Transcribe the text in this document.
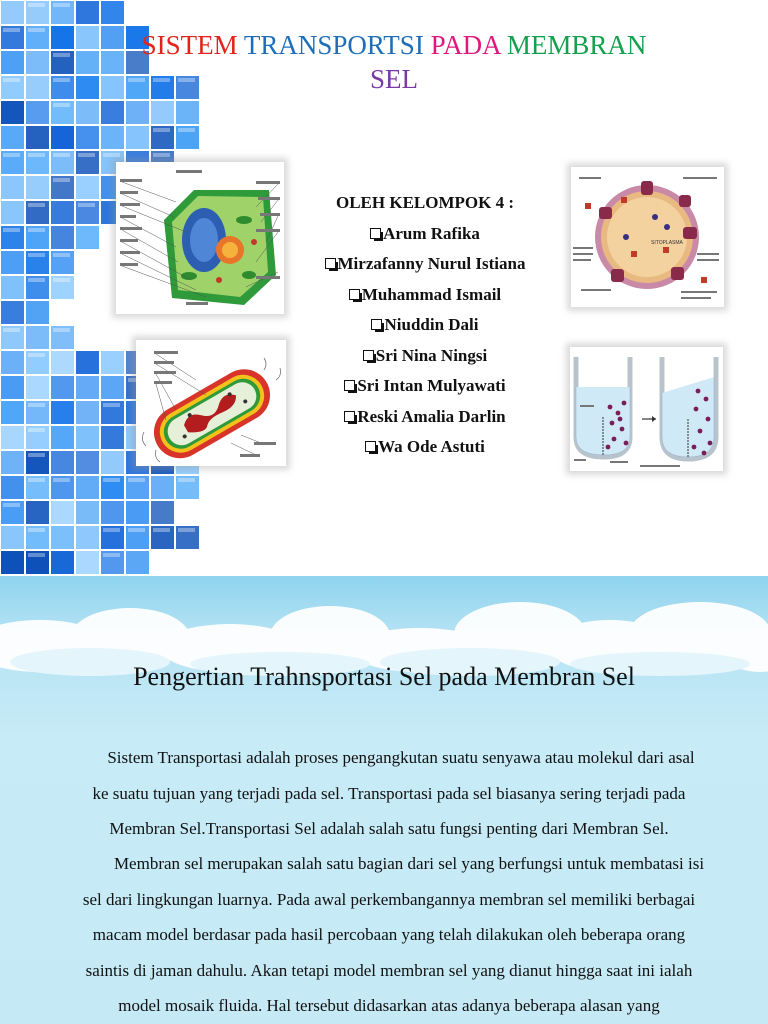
SISTEM TRANSPORTSI PADA MEMBRAN
SEL
SITOPLASMA
OLEH KELOMPOK 4 :
Arum Rafika
Mirzafanny Nurul Istiana
Muhammad Ismail
Niuddin Dali
Sri Nina Ningsi
Sri Intan Mulyawati
Reski Amalia Darlin
Wa Ode Astuti
Pengertian Trahnsportasi Sel pada Membran Sel

Sistem Transportasi adalah proses pengangkutan suatu senyawa atau molekul dari asal
ke suatu tujuan yang terjadi pada sel. Transportasi pada sel biasanya sering terjadi pada
Membran Sel.Transportasi Sel adalah salah satu fungsi penting dari Membran Sel.

Membran sel merupakan salah satu bagian dari sel yang berfungsi untuk membatasi isi
sel dari lingkungan luarnya. Pada awal perkembangannya membran sel memiliki berbagai
macam model berdasar pada hasil percobaan yang telah dilakukan oleh beberapa orang
saintis di jaman dahulu. Akan tetapi model membran sel yang dianut hingga saat ini ialah
model mosaik fluida. Hal tersebut didasarkan atas adanya beberapa alasan yang
